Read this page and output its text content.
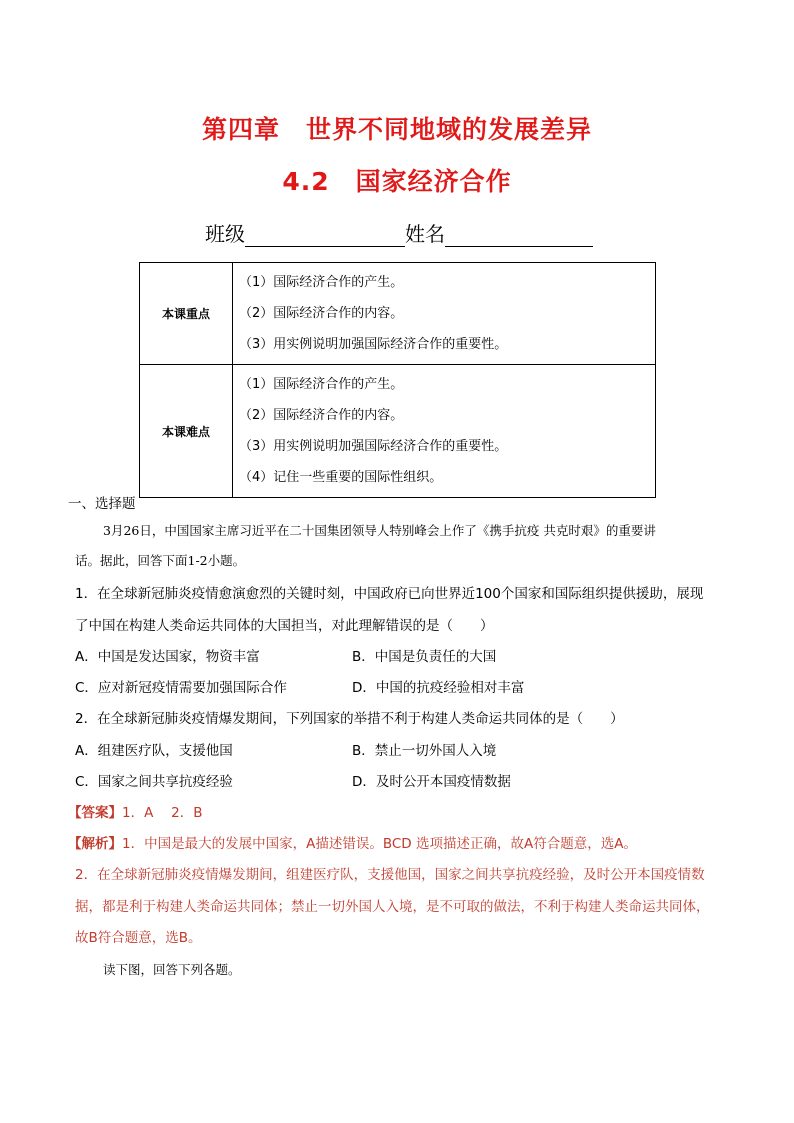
第四章　世界不同地域的发展差异
4.2　国家经济合作
班级	姓名
本课重点	（1）国际经济合作的产生。
（2）国际经济合作的内容。
（3）用实例说明加强国际经济合作的重要性。

本课难点	（1）国际经济合作的产生。
（2）国际经济合作的内容。
（3）用实例说明加强国际经济合作的重要性。
（4）记住一些重要的国际性组织。
一、选择题
3月26日，中国国家主席习近平在二十国集团领导人特别峰会上作了《携手抗疫 共克时艰》的重要讲
话。据此，回答下面1-2小题。
1．在全球新冠肺炎疫情愈演愈烈的关键时刻，中国政府已向世界近100个国家和国际组织提供援助，展现
了中国在构建人类命运共同体的大国担当，对此理解错误的是（　　）
A．中国是发达国家，物资丰富	B．中国是负责任的大国
C．应对新冠疫情需要加强国际合作	D．中国的抗疫经验相对丰富
2．在全球新冠肺炎疫情爆发期间，下列国家的举措不利于构建人类命运共同体的是（　　）
A．组建医疗队，支援他国	B．禁止一切外国人入境
C．国家之间共享抗疫经验	D．及时公开本国疫情数据
【答案】1．A　 2．B
【解析】1．中国是最大的发展中国家，A描述错误。BCD 选项描述正确，故A符合题意，选A。
2．在全球新冠肺炎疫情爆发期间，组建医疗队，支援他国，国家之间共享抗疫经验，及时公开本国疫情数
据，都是利于构建人类命运共同体；禁止一切外国人入境，是不可取的做法，不利于构建人类命运共同体，
故B符合题意，选B。
读下图，回答下列各题。
